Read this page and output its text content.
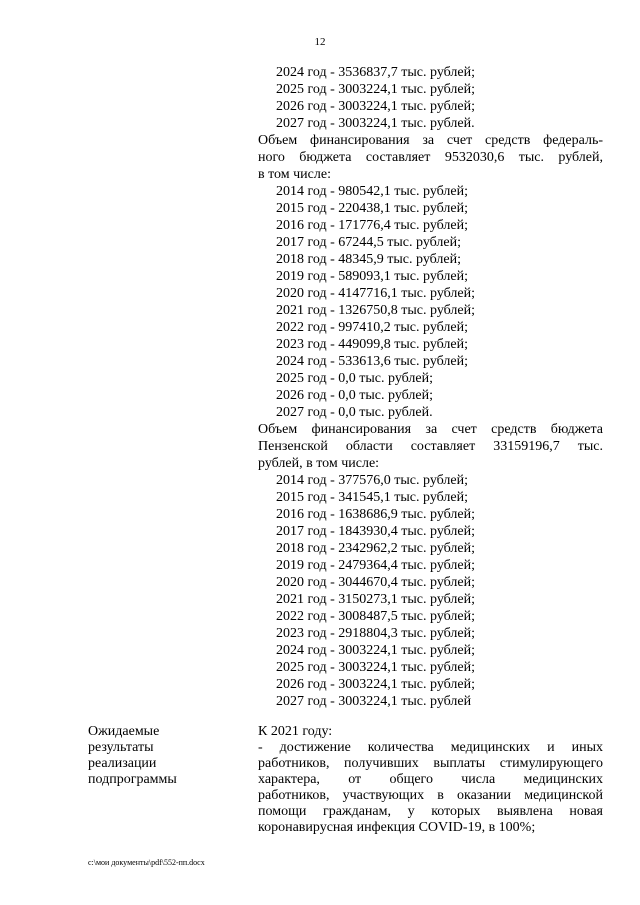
12
2024 год - 3536837,7 тыс. рублей;
2025 год - 3003224,1 тыс. рублей;
2026 год - 3003224,1 тыс. рублей;
2027 год - 3003224,1 тыс. рублей.
Объем финансирования за счет средств федераль-
ного бюджета составляет 9532030,6 тыс. рублей,
в том числе:
2014 год - 980542,1 тыс. рублей;
2015 год - 220438,1 тыс. рублей;
2016 год - 171776,4 тыс. рублей;
2017 год - 67244,5 тыс. рублей;
2018 год - 48345,9 тыс. рублей;
2019 год - 589093,1 тыс. рублей;
2020 год - 4147716,1 тыс. рублей;
2021 год - 1326750,8 тыс. рублей;
2022 год - 997410,2 тыс. рублей;
2023 год - 449099,8 тыс. рублей;
2024 год - 533613,6 тыс. рублей;
2025 год - 0,0 тыс. рублей;
2026 год - 0,0 тыс. рублей;
2027 год - 0,0 тыс. рублей.
Объем финансирования за счет средств бюджета
Пензенской области составляет 33159196,7 тыс.
рублей, в том числе:
2014 год - 377576,0 тыс. рублей;
2015 год - 341545,1 тыс. рублей;
2016 год - 1638686,9 тыс. рублей;
2017 год - 1843930,4 тыс. рублей;
2018 год - 2342962,2 тыс. рублей;
2019 год - 2479364,4 тыс. рублей;
2020 год - 3044670,4 тыс. рублей;
2021 год - 3150273,1 тыс. рублей;
2022 год - 3008487,5 тыс. рублей;
2023 год - 2918804,3 тыс. рублей;
2024 год - 3003224,1 тыс. рублей;
2025 год - 3003224,1 тыс. рублей;
2026 год - 3003224,1 тыс. рублей;
2027 год - 3003224,1 тыс. рублей
Ожидаемые
результаты
реализации
подпрограммы
К 2021 году:
- достижение количества медицинских и иных
работников, получивших выплаты стимулирующего
характера, от общего числа медицинских
работников, участвующих в оказании медицинской
помощи гражданам, у которых выявлена новая
коронавирусная инфекция COVID-19, в 100%;
c:\мои документы\pdf\552-пп.docx
